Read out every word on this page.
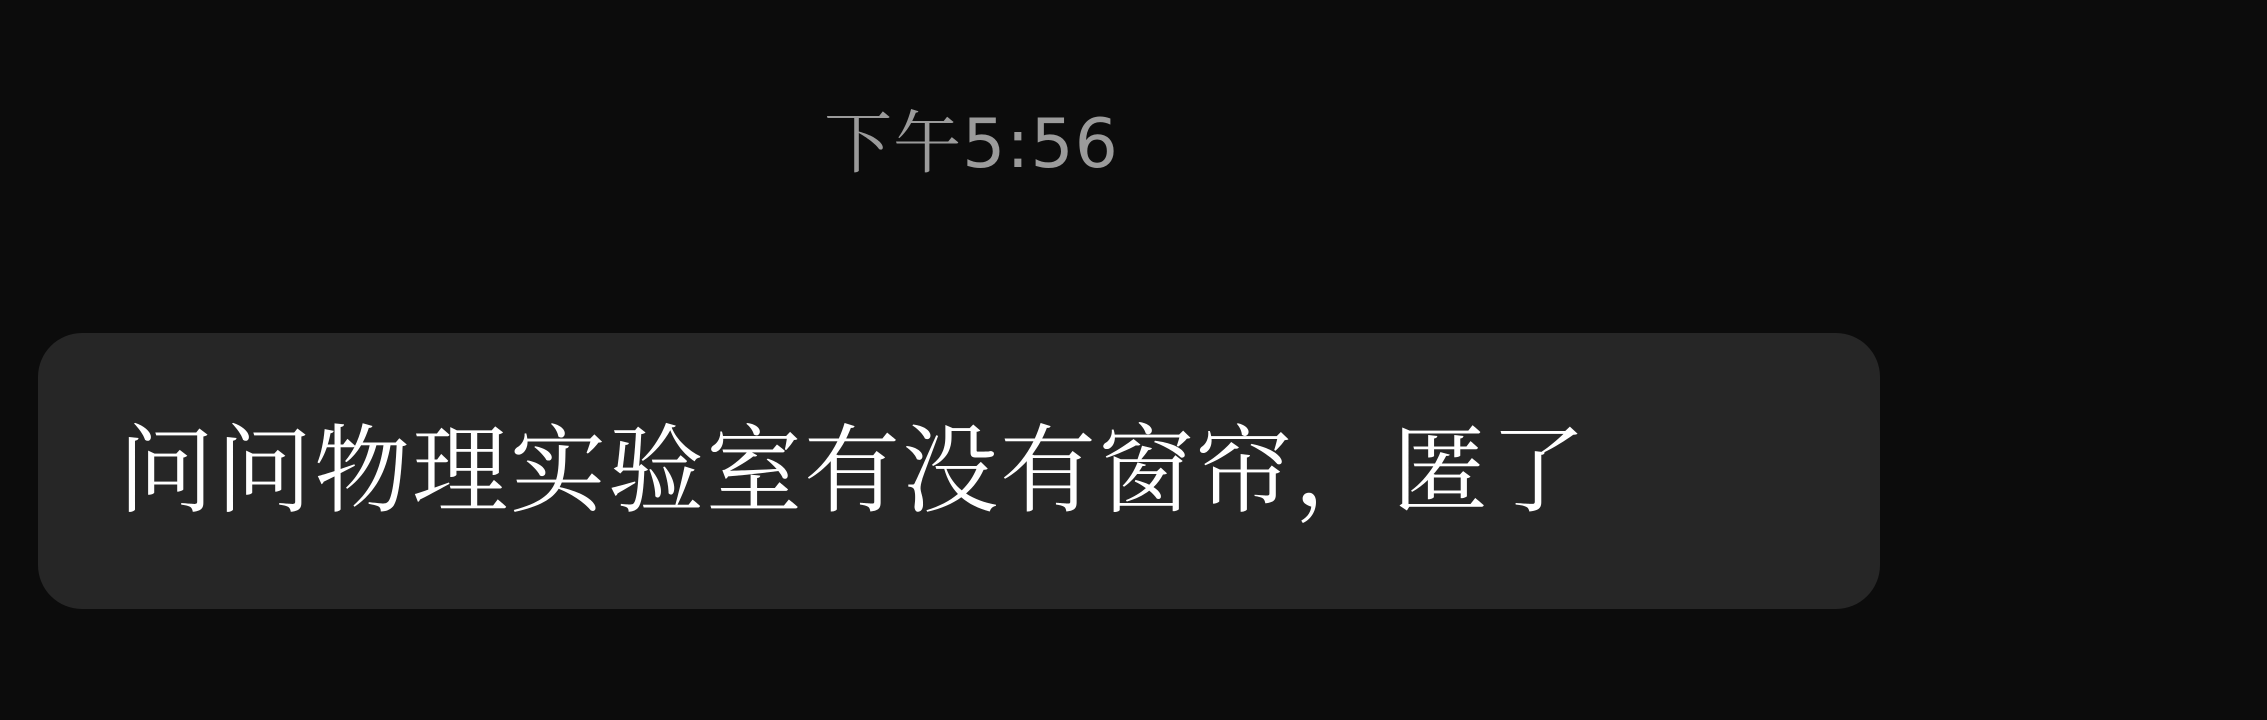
下午5:56
问问物理实验室有没有窗帘，匿了
